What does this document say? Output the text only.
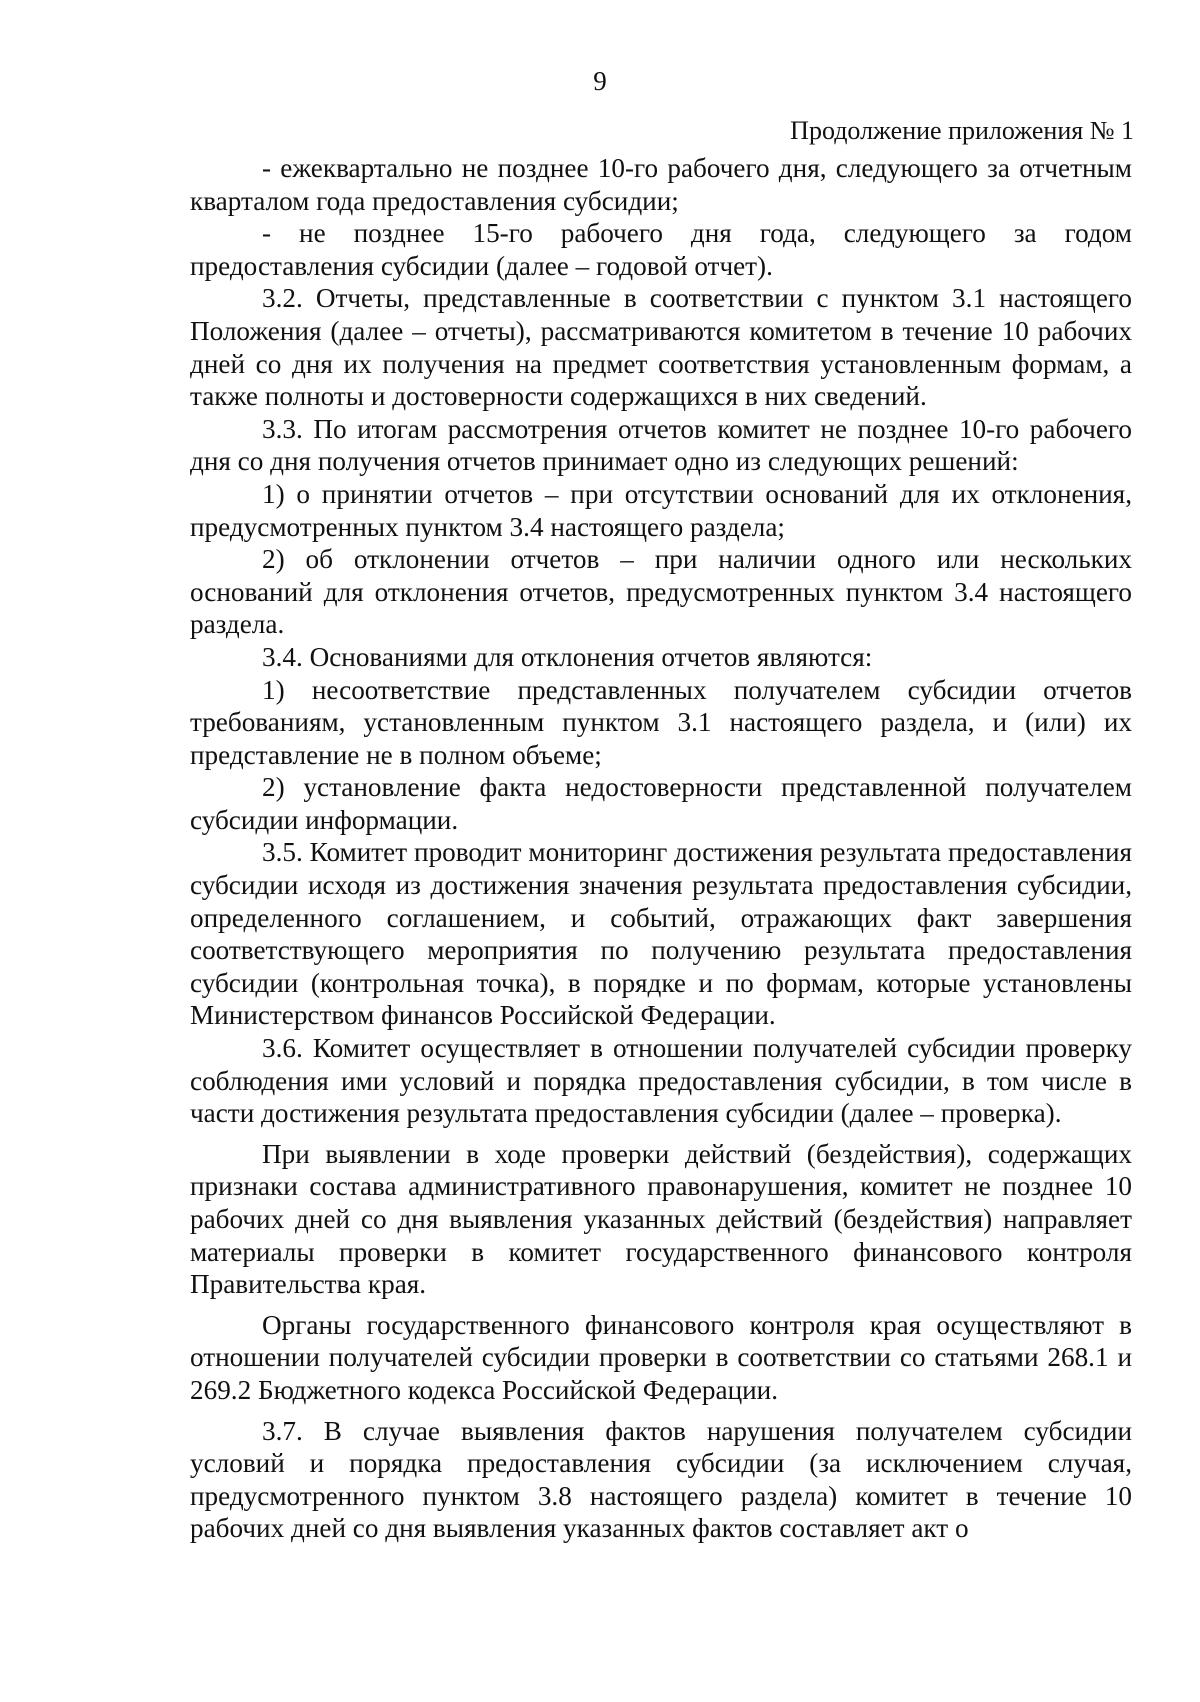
9
Продолжение приложения № 1

- ежеквартально не позднее 10-го рабочего дня, следующего за отчетным кварталом года предоставления субсидии;

- не позднее 15-го рабочего дня года, следующего за годом предоставления субсидии (далее – годовой отчет).

3.2. Отчеты, представленные в соответствии с пунктом 3.1 настоящего Положения (далее – отчеты), рассматриваются комитетом в течение 10 рабочих дней со дня их получения на предмет соответствия установленным формам, а также полноты и достоверности содержащихся в них сведений.

3.3. По итогам рассмотрения отчетов комитет не позднее 10-го рабочего дня со дня получения отчетов принимает одно из следующих решений:

1) о принятии отчетов – при отсутствии оснований для их отклонения, предусмотренных пунктом 3.4 настоящего раздела;

2) об отклонении отчетов – при наличии одного или нескольких оснований для отклонения отчетов, предусмотренных пунктом 3.4 настоящего раздела.

3.4. Основаниями для отклонения отчетов являются:

1) несоответствие представленных получателем субсидии отчетов требованиям, установленным пунктом 3.1 настоящего раздела, и (или) их представление не в полном объеме;

2) установление факта недостоверности представленной получателем субсидии информации.

3.5. Комитет проводит мониторинг достижения результата предоставления субсидии исходя из достижения значения результата предоставления субсидии, определенного соглашением, и событий, отражающих факт завершения соответствующего мероприятия по получению результата предоставления субсидии (контрольная точка), в порядке и по формам, которые установлены Министерством финансов Российской Федерации.

3.6. Комитет осуществляет в отношении получателей субсидии проверку соблюдения ими условий и порядка предоставления субсидии, в том числе в части достижения результата предоставления субсидии (далее – проверка).

При выявлении в ходе проверки действий (бездействия), содержащих признаки состава административного правонарушения, комитет не позднее 10 рабочих дней со дня выявления указанных действий (бездействия) направляет материалы проверки в комитет государственного финансового контроля Правительства края.

Органы государственного финансового контроля края осуществляют в отношении получателей субсидии проверки в соответствии со статьями 268.1 и 269.2 Бюджетного кодекса Российской Федерации.

3.7. В случае выявления фактов нарушения получателем субсидии условий и порядка предоставления субсидии (за исключением случая, предусмотренного пунктом 3.8 настоящего раздела) комитет в течение 10 рабочих дней со дня выявления указанных фактов составляет акт о
